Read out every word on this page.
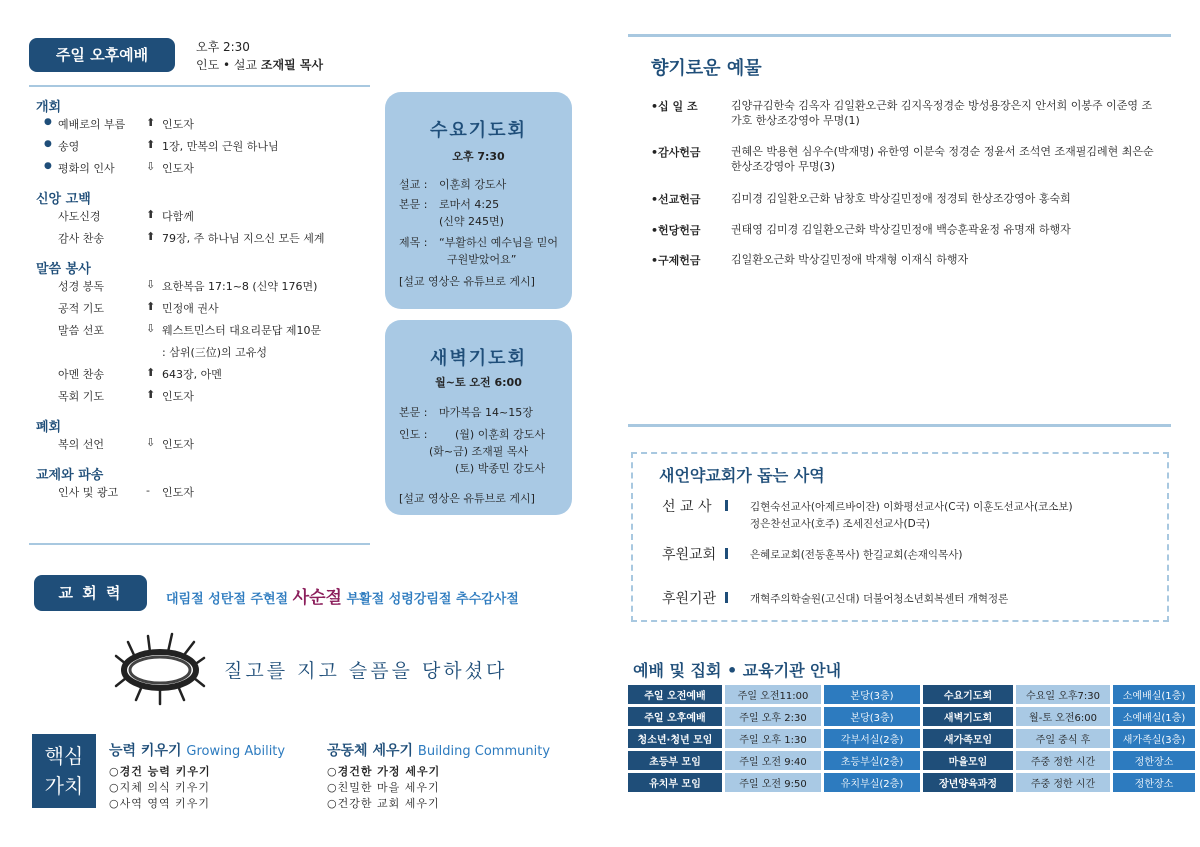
주일 오후예배	오후 2:30
인도 • 설교 조재필 목사
개회
● 예배로의 부름 ⬆ 인도자
● 송영	⬆ 1장, 만복의 근원 하나님
● 평화의 인사	⇩ 인도자
신앙 고백
사도신경	⬆ 다함께
감사 찬송	⬆ 79장, 주 하나님 지으신 모든 세계
말씀 봉사
성경 봉독	⇩ 요한복음 17:1~8 (신약 176면)
공적 기도	⬆ 민정애 권사
말씀 선포	⇩ 웨스트민스터 대요리문답 제10문
: 삼위(三位)의 고유성
아멘 찬송	⬆ 643장, 아멘
목회 기도	⬆ 인도자
폐회
복의 선언	⇩ 인도자
교제와 파송
인사 및 광고	- 인도자
수요기도회
오후 7:30
설교 : 이훈희 강도사
본문 : 로마서 4:25
(신약 245면)
제목 : “부활하신 예수님을 믿어
구원받았어요”
[설교 영상은 유튜브로 게시]
새벽기도회
월~토 오전 6:00
본문 : 마가복음 14~15장
인도 :	(월) 이훈희 강도사
(화~금) 조재필 목사
(토) 박종민 강도사
[설교 영상은 유튜브로 게시]
교 회 력	대림절 성탄절 주현절 사순절 부활절 성령강림절 추수감사절
질고를 지고 슬픔을 당하셨다
핵심
가치
능력 키우기 Growing Ability
○경건 능력 키우기
○지체 의식 키우기
○사역 영역 키우기
공동체 세우기 Building Community
○경건한 가정 세우기
○친밀한 마을 세우기
○건강한 교회 세우기
향기로운 예물
•십 일 조	김양규김한숙 김옥자 김일환오근화 김지옥정경순 방성용장은지 안서희 이봉주 이준영 조가호 한상조강영아 무명(1)
•감사헌금	권혜은 박용현 심우수(박재명) 유한영 이분숙 정경순 정윤서 조석연 조재필김례현 최은순 한상조강영아 무명(3)
•선교헌금	김미경 김일환오근화 남창호 박상길민정애 정경퇴 한상조강영아 홍숙희
•헌당헌금	권태영 김미경 김일환오근화 박상길민정애 백승훈곽윤정 유명재 하행자
•구제헌금	김일환오근화 박상길민정애 박재형 이재식 하행자
새언약교회가 돕는 사역
선 교 사	김현숙선교사(아제르바이잔) 이화평선교사(C국) 이훈도선교사(코소보)
정은찬선교사(호주) 조세진선교사(D국)
후원교회	은혜로교회(전동훈목사) 한길교회(손재익목사)
후원기관	개혁주의학술원(고신대) 더불어청소년회복센터 개혁정론
예배 및 집회 • 교육기관 안내
주일 오전예배	주일 오전11:00	본당(3층)	수요기도회	수요일 오후7:30	소예배실(1층)
주일 오후예배	주일 오후 2:30	본당(3층)	새벽기도회	월-토 오전6:00	소예배실(1층)
청소년·청년 모임	주일 오후 1:30	각부서실(2층)	새가족모임	주일 중식 후	새가족실(3층)
초등부 모임	주일 오전 9:40	초등부실(2층)	마을모임	주중 정한 시간	정한장소
유치부 모임	주일 오전 9:50	유치부실(2층)	장년양육과정	주중 정한 시간	정한장소
